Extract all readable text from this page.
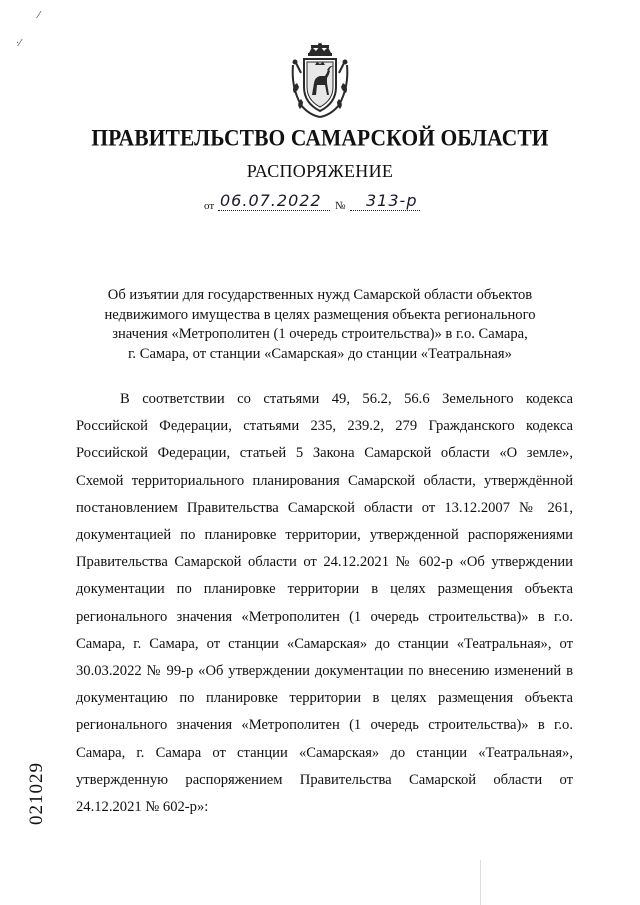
⁄
·⁄
ПРАВИТЕЛЬСТВО САМАРСКОЙ ОБЛАСТИ
РАСПОРЯЖЕНИЕ
от 06.07.2022 № 313-р
Об изъятии для государственных нужд Самарской области объектов
недвижимого имущества в целях размещения объекта регионального
значения «Метрополитен (1 очередь строительства)» в г.о. Самара,
г. Самара, от станции «Самарская» до станции «Театральная»

В соответствии со статьями 49, 56.2, 56.6 Земельного кодекса Российской Федерации, статьями 235, 239.2, 279 Гражданского кодекса Российской Федерации, статьей 5 Закона Самарской области «О земле», Схемой территориального планирования Самарской области, утверждённой постановлением Правительства Самарской области от 13.12.2007 № 261, документацией по планировке территории, утвержденной распоряжениями Правительства Самарской области от 24.12.2021 № 602-р «Об утверждении документации по планировке территории в целях размещения объекта регионального значения «Метрополитен (1 очередь строительства)» в г.о. Самара, г. Самара, от станции «Самарская» до станции «Театральная», от 30.03.2022 № 99-р «Об утверждении документации по внесению изменений в документацию по планировке территории в целях размещения объекта регионального значения «Метрополитен (1 очередь строительства)» в г.о. Самара, г. Самара от станции «Самарская» до станции «Театральная», утвержденную распоряжением Правительства Самарской области от 24.12.2021 № 602-р»:

021029
